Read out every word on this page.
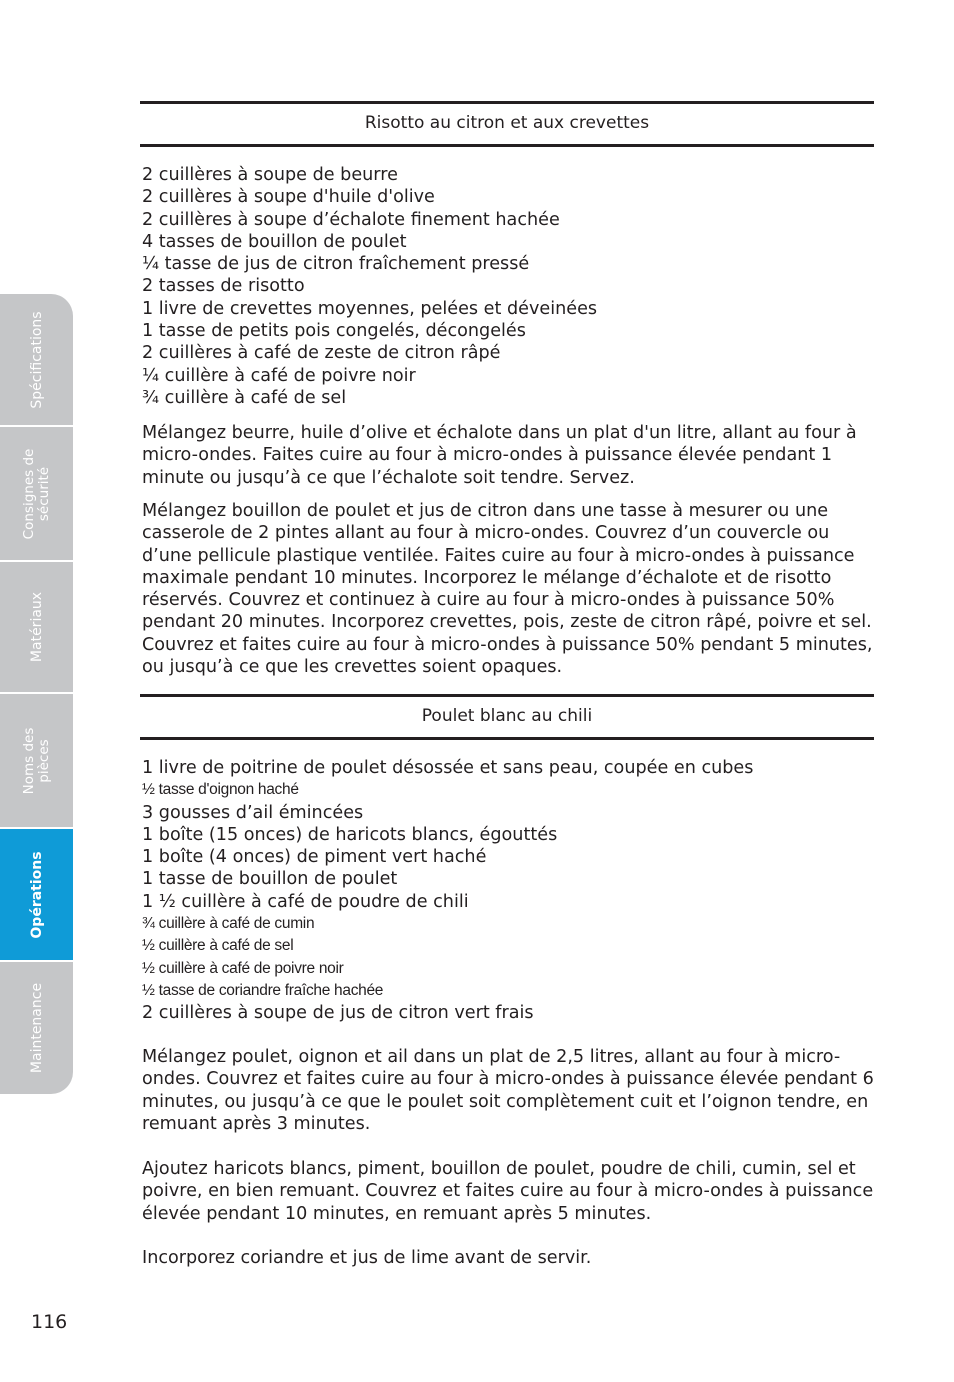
Spécifications
Consignes de
sécurité
Matériaux
Noms des
pièces
Opérations
Maintenance
Risotto au citron et aux crevettes
2 cuillères à soupe de beurre
2 cuillères à soupe d'huile d'olive
2 cuillères à soupe d’échalote finement hachée
4 tasses de bouillon de poulet
¼ tasse de jus de citron fraîchement pressé
2 tasses de risotto
1 livre de crevettes moyennes, pelées et déveinées
1 tasse de petits pois congelés, décongelés
2 cuillères à café de zeste de citron râpé
¼ cuillère à café de poivre noir
¾ cuillère à café de sel

Mélangez beurre, huile d’olive et échalote dans un plat d'un litre, allant au four à micro-ondes. Faites cuire au four à micro-ondes à puissance élevée pendant 1 minute ou jusqu’à ce que l’échalote soit tendre. Servez.

Mélangez bouillon de poulet et jus de citron dans une tasse à mesurer ou une casserole de 2 pintes allant au four à micro-ondes. Couvrez d’un couvercle ou d’une pellicule plastique ventilée. Faites cuire au four à micro-ondes à puissance maximale pendant 10 minutes. Incorporez le mélange d’échalote et de risotto réservés. Couvrez et continuez à cuire au four à micro-ondes à puissance 50% pendant 20 minutes. Incorporez crevettes, pois, zeste de citron râpé, poivre et sel. Couvrez et faites cuire au four à micro-ondes à puissance 50% pendant 5 minutes, ou jusqu’à ce que les crevettes soient opaques.

Poulet blanc au chili
1 livre de poitrine de poulet désossée et sans peau, coupée en cubes
½ tasse d'oignon haché
3 gousses d’ail émincées
1 boîte (15 onces) de haricots blancs, égouttés
1 boîte (4 onces) de piment vert haché
1 tasse de bouillon de poulet
1 ½ cuillère à café de poudre de chili
¾ cuillère à café de cumin
½ cuillère à café de sel
½ cuillère à café de poivre noir
½ tasse de coriandre fraîche hachée
2 cuillères à soupe de jus de citron vert frais

Mélangez poulet, oignon et ail dans un plat de 2,5 litres, allant au four à micro-ondes. Couvrez et faites cuire au four à micro-ondes à puissance élevée pendant 6 minutes, ou jusqu’à ce que le poulet soit complètement cuit et l’oignon tendre, en remuant après 3 minutes.

Ajoutez haricots blancs, piment, bouillon de poulet, poudre de chili, cumin, sel et poivre, en bien remuant. Couvrez et faites cuire au four à micro-ondes à puissance élevée pendant 10 minutes, en remuant après 5 minutes.

Incorporez coriandre et jus de lime avant de servir.

116
